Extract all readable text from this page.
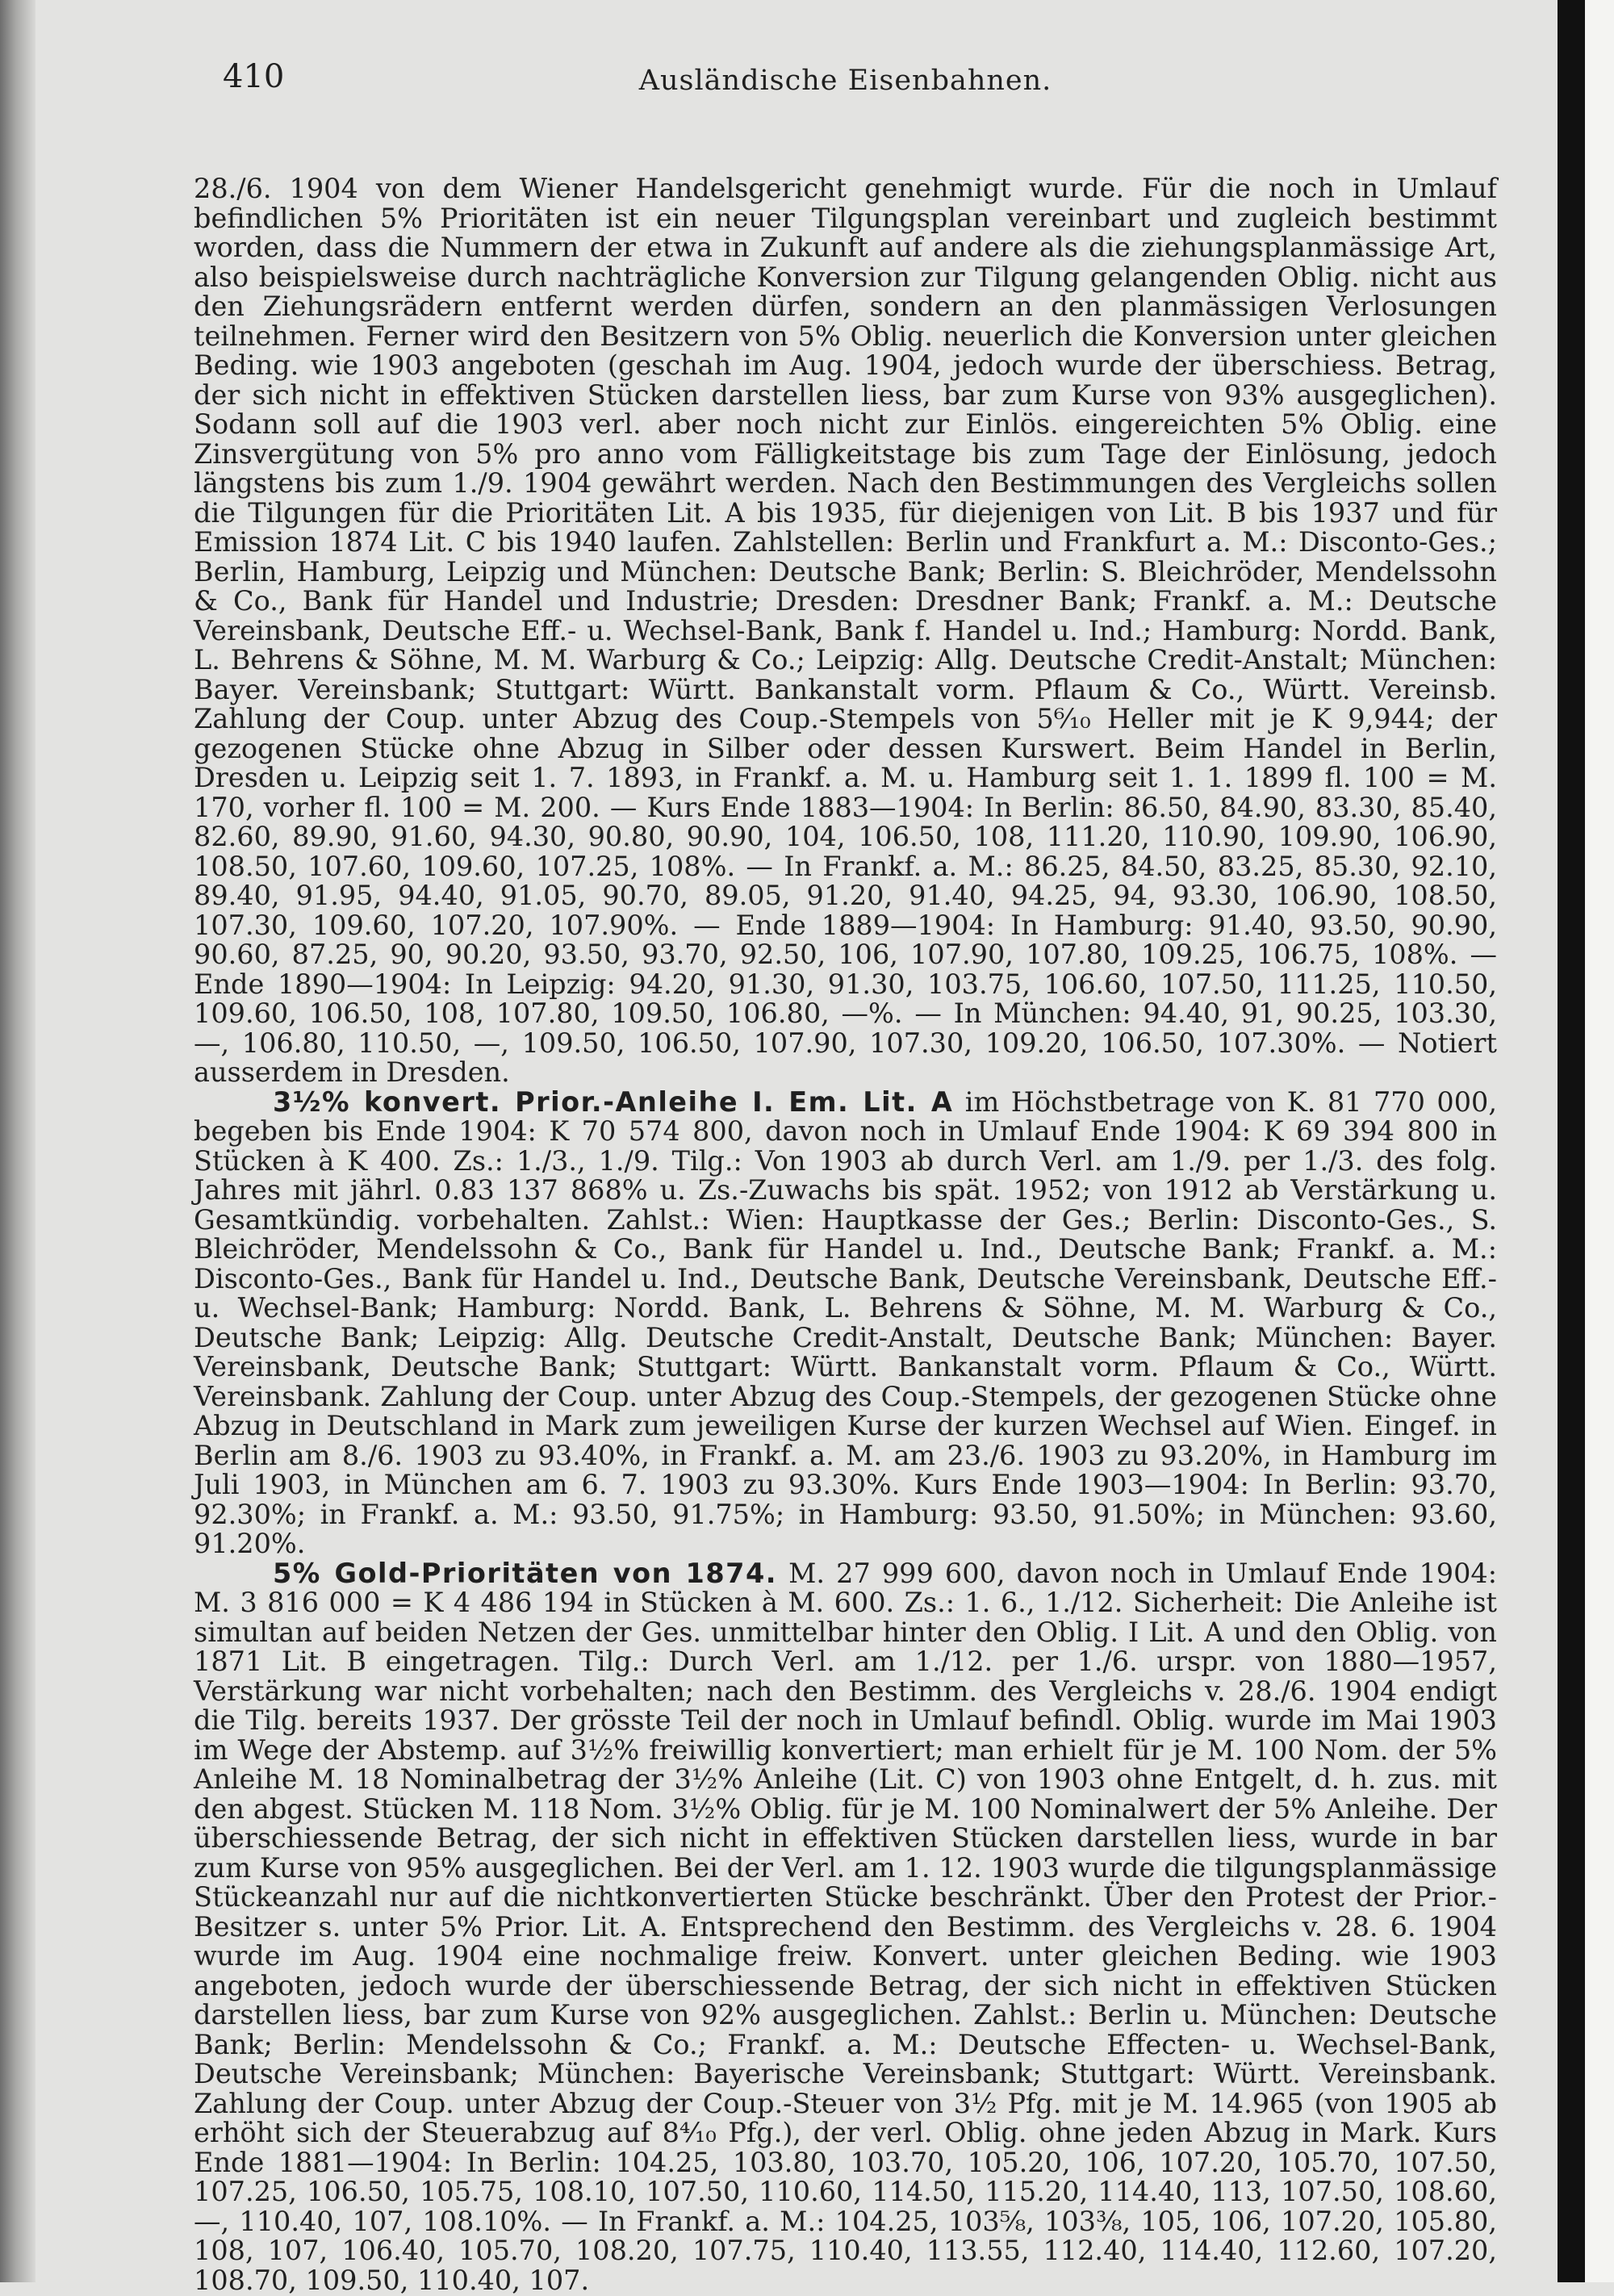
410	Ausländische Eisenbahnen.

28./6. 1904 von dem Wiener Handelsgericht genehmigt wurde. Für die noch in Umlauf befindlichen 5% Prioritäten ist ein neuer Tilgungsplan vereinbart und zugleich bestimmt worden, dass die Nummern der etwa in Zukunft auf andere als die ziehungsplanmässige Art, also beispielsweise durch nachträgliche Konversion zur Tilgung gelangenden Oblig. nicht aus den Ziehungsrädern entfernt werden dürfen, sondern an den planmässigen Verlosungen teilnehmen. Ferner wird den Besitzern von 5% Oblig. neuerlich die Konversion unter gleichen Beding. wie 1903 angeboten (geschah im Aug. 1904, jedoch wurde der überschiess. Betrag, der sich nicht in effektiven Stücken darstellen liess, bar zum Kurse von 93% ausgeglichen). Sodann soll auf die 1903 verl. aber noch nicht zur Einlös. eingereichten 5% Oblig. eine Zinsvergütung von 5% pro anno vom Fälligkeitstage bis zum Tage der Einlösung, jedoch längstens bis zum 1./9. 1904 gewährt werden. Nach den Bestimmungen des Vergleichs sollen die Tilgungen für die Prioritäten Lit. A bis 1935, für diejenigen von Lit. B bis 1937 und für Emission 1874 Lit. C bis 1940 laufen. Zahlstellen: Berlin und Frankfurt a. M.: Disconto-Ges.; Berlin, Hamburg, Leipzig und München: Deutsche Bank; Berlin: S. Bleichröder, Mendelssohn & Co., Bank für Handel und Industrie; Dresden: Dresdner Bank; Frankf. a. M.: Deutsche Vereinsbank, Deutsche Eff.- u. Wechsel-Bank, Bank f. Handel u. Ind.; Hamburg: Nordd. Bank, L. Behrens & Söhne, M. M. Warburg & Co.; Leipzig: Allg. Deutsche Credit-Anstalt; München: Bayer. Vereinsbank; Stuttgart: Württ. Bankanstalt vorm. Pflaum & Co., Württ. Vereinsb. Zahlung der Coup. unter Abzug des Coup.-Stempels von 5⁶⁄₁₀ Heller mit je K 9,944; der gezogenen Stücke ohne Abzug in Silber oder dessen Kurswert. Beim Handel in Berlin, Dresden u. Leipzig seit 1. 7. 1893, in Frankf. a. M. u. Hamburg seit 1. 1. 1899 fl. 100 = M. 170, vorher fl. 100 = M. 200. — Kurs Ende 1883—1904: In Berlin: 86.50, 84.90, 83.30, 85.40, 82.60, 89.90, 91.60, 94.30, 90.80, 90.90, 104, 106.50, 108, 111.20, 110.90, 109.90, 106.90, 108.50, 107.60, 109.60, 107.25, 108%. — In Frankf. a. M.: 86.25, 84.50, 83.25, 85.30, 92.10, 89.40, 91.95, 94.40, 91.05, 90.70, 89.05, 91.20, 91.40, 94.25, 94, 93.30, 106.90, 108.50, 107.30, 109.60, 107.20, 107.90%. — Ende 1889—1904: In Hamburg: 91.40, 93.50, 90.90, 90.60, 87.25, 90, 90.20, 93.50, 93.70, 92.50, 106, 107.90, 107.80, 109.25, 106.75, 108%. — Ende 1890—1904: In Leipzig: 94.20, 91.30, 91.30, 103.75, 106.60, 107.50, 111.25, 110.50, 109.60, 106.50, 108, 107.80, 109.50, 106.80, —%. — In München: 94.40, 91, 90.25, 103.30, —, 106.80, 110.50, —, 109.50, 106.50, 107.90, 107.30, 109.20, 106.50, 107.30%. — Notiert ausserdem in Dresden.

3½% konvert. Prior.-Anleihe I. Em. Lit. A im Höchstbetrage von K. 81 770 000, begeben bis Ende 1904: K 70 574 800, davon noch in Umlauf Ende 1904: K 69 394 800 in Stücken à K 400. Zs.: 1./3., 1./9. Tilg.: Von 1903 ab durch Verl. am 1./9. per 1./3. des folg. Jahres mit jährl. 0.83 137 868% u. Zs.-Zuwachs bis spät. 1952; von 1912 ab Verstärkung u. Gesamtkündig. vorbehalten. Zahlst.: Wien: Hauptkasse der Ges.; Berlin: Disconto-Ges., S. Bleichröder, Mendelssohn & Co., Bank für Handel u. Ind., Deutsche Bank; Frankf. a. M.: Disconto-Ges., Bank für Handel u. Ind., Deutsche Bank, Deutsche Vereinsbank, Deutsche Eff.- u. Wechsel-Bank; Hamburg: Nordd. Bank, L. Behrens & Söhne, M. M. Warburg & Co., Deutsche Bank; Leipzig: Allg. Deutsche Credit-Anstalt, Deutsche Bank; München: Bayer. Vereinsbank, Deutsche Bank; Stuttgart: Württ. Bankanstalt vorm. Pflaum & Co., Württ. Vereinsbank. Zahlung der Coup. unter Abzug des Coup.-Stempels, der gezogenen Stücke ohne Abzug in Deutschland in Mark zum jeweiligen Kurse der kurzen Wechsel auf Wien. Eingef. in Berlin am 8./6. 1903 zu 93.40%, in Frankf. a. M. am 23./6. 1903 zu 93.20%, in Hamburg im Juli 1903, in München am 6. 7. 1903 zu 93.30%. Kurs Ende 1903—1904: In Berlin: 93.70, 92.30%; in Frankf. a. M.: 93.50, 91.75%; in Hamburg: 93.50, 91.50%; in München: 93.60, 91.20%.

5% Gold-Prioritäten von 1874. M. 27 999 600, davon noch in Umlauf Ende 1904: M. 3 816 000 = K 4 486 194 in Stücken à M. 600. Zs.: 1. 6., 1./12. Sicherheit: Die Anleihe ist simultan auf beiden Netzen der Ges. unmittelbar hinter den Oblig. I Lit. A und den Oblig. von 1871 Lit. B eingetragen. Tilg.: Durch Verl. am 1./12. per 1./6. urspr. von 1880—1957, Verstärkung war nicht vorbehalten; nach den Bestimm. des Vergleichs v. 28./6. 1904 endigt die Tilg. bereits 1937. Der grösste Teil der noch in Umlauf befindl. Oblig. wurde im Mai 1903 im Wege der Abstemp. auf 3½% freiwillig konvertiert; man erhielt für je M. 100 Nom. der 5% Anleihe M. 18 Nominalbetrag der 3½% Anleihe (Lit. C) von 1903 ohne Entgelt, d. h. zus. mit den abgest. Stücken M. 118 Nom. 3½% Oblig. für je M. 100 Nominalwert der 5% Anleihe. Der überschiessende Betrag, der sich nicht in effektiven Stücken darstellen liess, wurde in bar zum Kurse von 95% ausgeglichen. Bei der Verl. am 1. 12. 1903 wurde die tilgungsplanmässige Stückeanzahl nur auf die nichtkonvertierten Stücke beschränkt. Über den Protest der Prior.-Besitzer s. unter 5% Prior. Lit. A. Entsprechend den Bestimm. des Vergleichs v. 28. 6. 1904 wurde im Aug. 1904 eine nochmalige freiw. Konvert. unter gleichen Beding. wie 1903 angeboten, jedoch wurde der überschiessende Betrag, der sich nicht in effektiven Stücken darstellen liess, bar zum Kurse von 92% ausgeglichen. Zahlst.: Berlin u. München: Deutsche Bank; Berlin: Mendelssohn & Co.; Frankf. a. M.: Deutsche Effecten- u. Wechsel-Bank, Deutsche Vereinsbank; München: Bayerische Vereinsbank; Stuttgart: Württ. Vereinsbank. Zahlung der Coup. unter Abzug der Coup.-Steuer von 3½ Pfg. mit je M. 14.965 (von 1905 ab erhöht sich der Steuerabzug auf 8⁴⁄₁₀ Pfg.), der verl. Oblig. ohne jeden Abzug in Mark. Kurs Ende 1881—1904: In Berlin: 104.25, 103.80, 103.70, 105.20, 106, 107.20, 105.70, 107.50, 107.25, 106.50, 105.75, 108.10, 107.50, 110.60, 114.50, 115.20, 114.40, 113, 107.50, 108.60, —, 110.40, 107, 108.10%. — In Frankf. a. M.: 104.25, 103⁵⁄₈, 103³⁄₈, 105, 106, 107.20, 105.80, 108, 107, 106.40, 105.70, 108.20, 107.75, 110.40, 113.55, 112.40, 114.40, 112.60, 107.20, 108.70, 109.50, 110.40, 107.
